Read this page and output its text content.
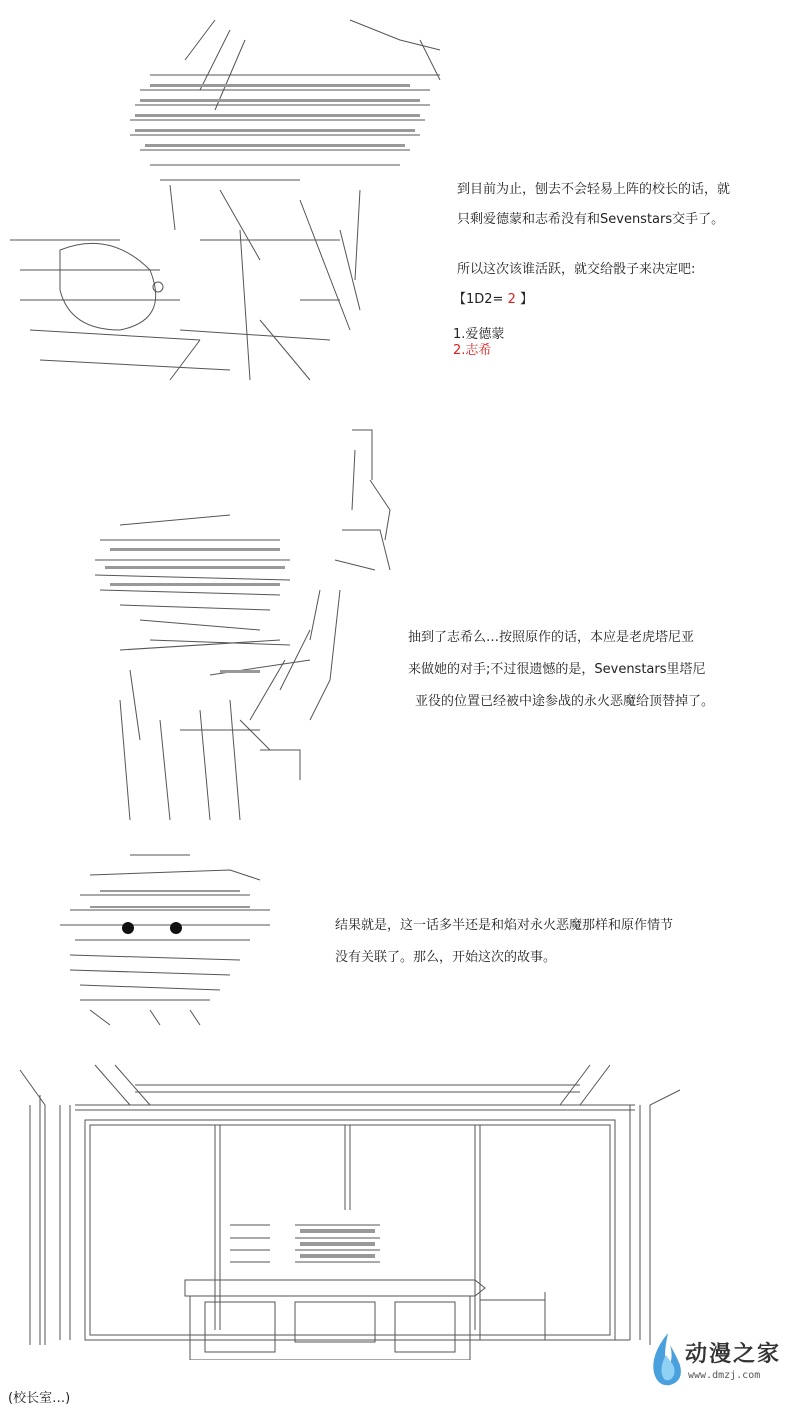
到目前为止，刨去不会轻易上阵的校长的话，就
只剩爱德蒙和志希没有和Sevenstars交手了。
所以这次该谁活跃，就交给骰子来决定吧:
【1D2= 2 】
1.爱德蒙
2.志希
抽到了志希么…按照原作的话，本应是老虎塔尼亚
来做她的对手;不过很遗憾的是，Sevenstars里塔尼
亚役的位置已经被中途参战的永火恶魔给顶替掉了。
结果就是，这一话多半还是和焰对永火恶魔那样和原作情节
没有关联了。那么，开始这次的故事。
(校长室…)
动漫之家
www.dmzj.com
